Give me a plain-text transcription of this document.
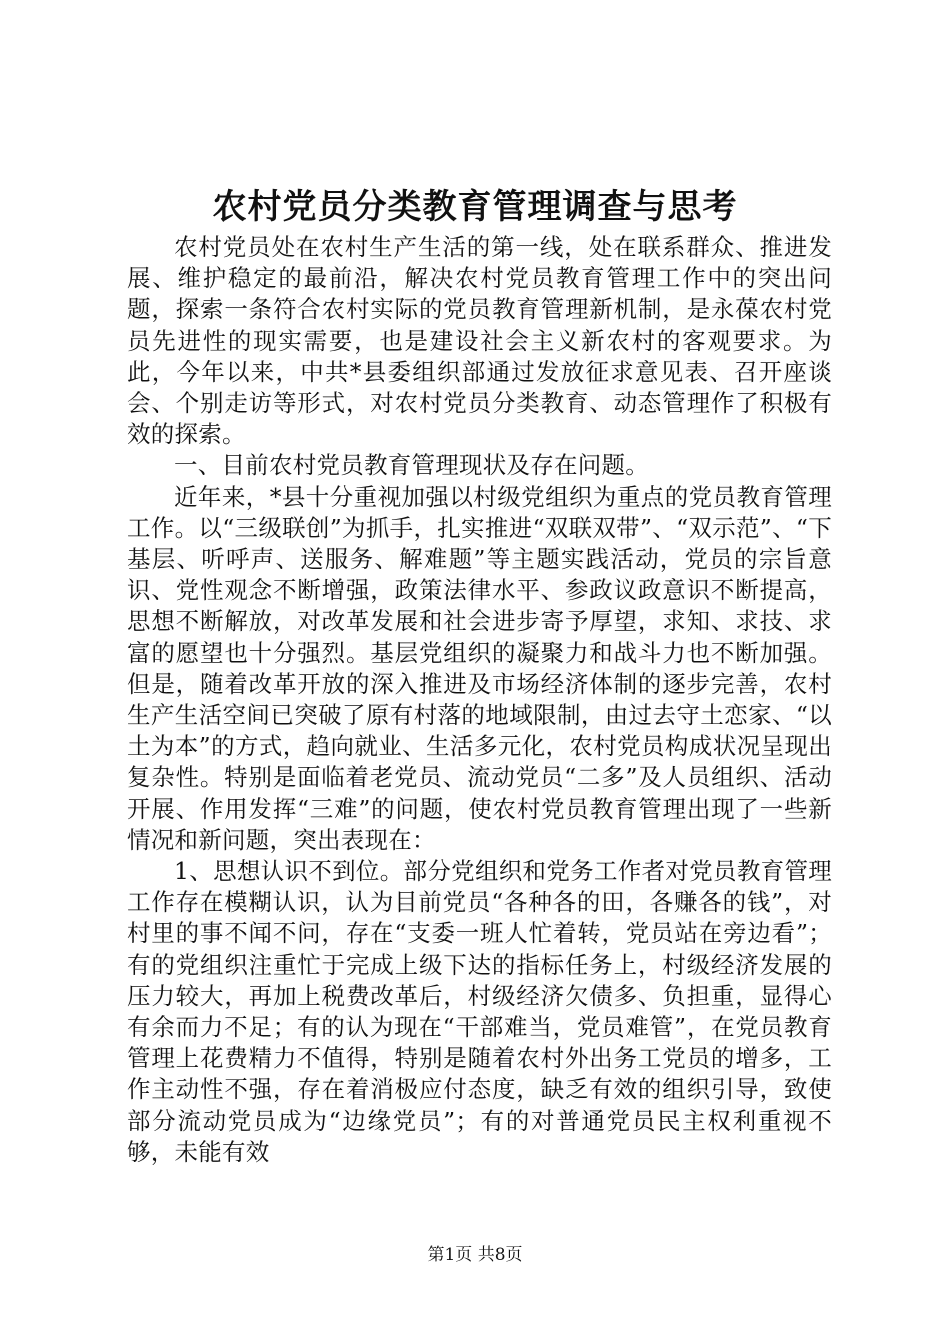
农村党员分类教育管理调查与思考

农村党员处在农村生产生活的第一线，处在联系群众、推进发展、维护稳定的最前沿，解决农村党员教育管理工作中的突出问题，探索一条符合农村实际的党员教育管理新机制，是永葆农村党员先进性的现实需要，也是建设社会主义新农村的客观要求。为此，今年以来，中共*县委组织部通过发放征求意见表、召开座谈会、个别走访等形式，对农村党员分类教育、动态管理作了积极有效的探索。

一、目前农村党员教育管理现状及存在问题。

近年来，*县十分重视加强以村级党组织为重点的党员教育管理工作。以“三级联创”为抓手，扎实推进“双联双带”、“双示范”、“下基层、听呼声、送服务、解难题”等主题实践活动，党员的宗旨意识、党性观念不断增强，政策法律水平、参政议政意识不断提高，思想不断解放，对改革发展和社会进步寄予厚望，求知、求技、求富的愿望也十分强烈。基层党组织的凝聚力和战斗力也不断加强。但是，随着改革开放的深入推进及市场经济体制的逐步完善，农村生产生活空间已突破了原有村落的地域限制，由过去守土恋家、“以土为本”的方式，趋向就业、生活多元化，农村党员构成状况呈现出复杂性。特别是面临着老党员、流动党员“二多”及人员组织、活动开展、作用发挥“三难”的问题，使农村党员教育管理出现了一些新情况和新问题，突出表现在：

1、思想认识不到位。部分党组织和党务工作者对党员教育管理工作存在模糊认识，认为目前党员“各种各的田，各赚各的钱”，对村里的事不闻不问，存在“支委一班人忙着转，党员站在旁边看”；有的党组织注重忙于完成上级下达的指标任务上，村级经济发展的压力较大，再加上税费改革后，村级经济欠债多、负担重，显得心有余而力不足；有的认为现在“干部难当，党员难管”，在党员教育管理上花费精力不值得，特别是随着农村外出务工党员的增多，工作主动性不强，存在着消极应付态度，缺乏有效的组织引导，致使部分流动党员成为“边缘党员”；有的对普通党员民主权利重视不够，未能有效

第1页 共8页
